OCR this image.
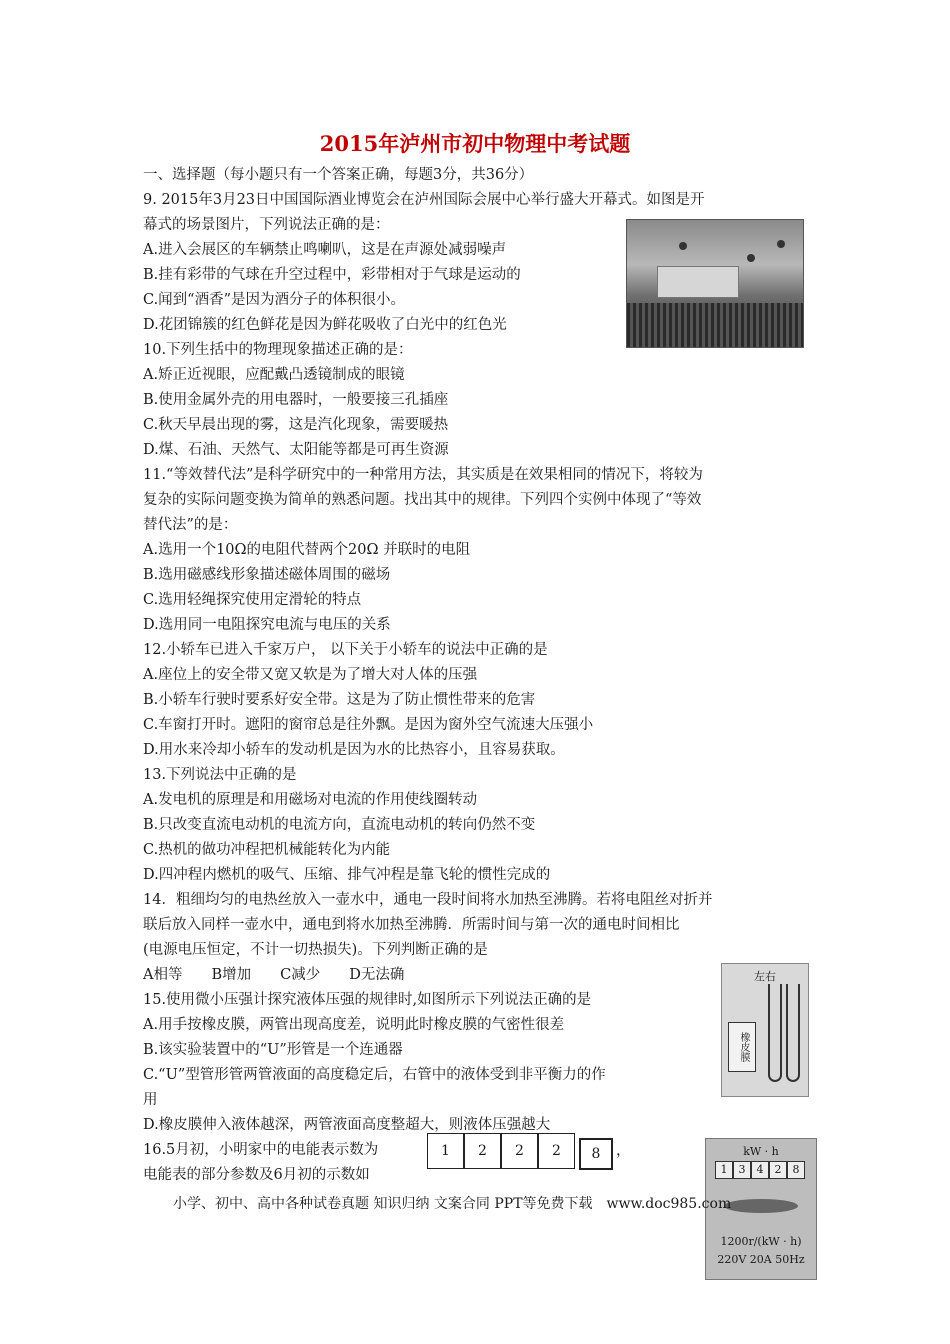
2015年泸州市初中物理中考试题
一、选择题（每小题只有一个答案正确，每题3分，共36分）
9. 2015年3月23日中国国际酒业博览会在泸州国际会展中心举行盛大开幕式。如图是开
幕式的场景图片，下列说法正确的是：
A.进入会展区的车辆禁止鸣喇叭，这是在声源处减弱噪声
B.挂有彩带的气球在升空过程中，彩带相对于气球是运动的
C.闻到“酒香”是因为酒分子的体积很小。
D.花团锦簇的红色鲜花是因为鲜花吸收了白光中的红色光
10.下列生括中的物理现象描述正确的是：
A.矫正近视眼，应配戴凸透镜制成的眼镜
B.使用金属外壳的用电器时，一般要接三孔插座
C.秋天早晨出现的雾，这是汽化现象，需要暖热
D.煤、石油、天然气、太阳能等都是可再生资源
11.“等效替代法”是科学研究中的一种常用方法，其实质是在效果相同的情况下，将较为
复杂的实际问题变换为简单的熟悉问题。找出其中的规律。下列四个实例中体现了“等效
替代法”的是：
A.选用一个10Ω的电阻代替两个20Ω 并联时的电阻
B.选用磁感线形象描述磁体周围的磁场
C.选用轻绳探究使用定滑轮的特点
D.选用同一电阻探究电流与电压的关系
12.小轿车已进入千家万户， 以下关于小轿车的说法中正确的是
A.座位上的安全带又宽又软是为了增大对人体的压强
B.小轿车行驶时要系好安全带。这是为了防止惯性带来的危害
C.车窗打开时。遮阳的窗帘总是往外飘。是因为窗外空气流速大压强小
D.用水来冷却小轿车的发动机是因为水的比热容小，且容易获取。
13.下列说法中正确的是
A.发电机的原理是和用磁场对电流的作用使线圈转动
B.只改变直流电动机的电流方向，直流电动机的转向仍然不变
C.热机的做功冲程把机械能转化为内能
D.四冲程内燃机的吸气、压缩、排气冲程是靠飞轮的惯性完成的
14．粗细均匀的电热丝放入一壶水中，通电一段时间将水加热至沸腾。若将电阻丝对折并
联后放入同样一壶水中，通电到将水加热至沸腾．所需时间与第一次的通电时间相比
(电源电压恒定，不计一切热损失)。下列判断正确的是
A相等　　B增加　　C减少　　D无法确
15.使用微小压强计探究液体压强的规律时,如图所示下列说法正确的是
A.用手按橡皮膜，两管出现高度差，说明此时橡皮膜的气密性很差
B.该实验装置中的“U”形管是一个连通器
C.“U”型管形管两管液面的高度稳定后，右管中的液体受到非平衡力的作
用
D.橡皮膜伸入液体越深，两管液面高度整超大，则液体压强越大
16.5月初，小明家中的电能表示数为
电能表的部分参数及6月初的示数如
左右
橡皮膜
1	2	2	2	8	，	kW · h
1	3	4	2	8
1200r/(kW · h)
220V 20A 50Hz
小学、初中、高中各种试卷真题 知识归纳 文案合同 PPT等免费下载　www.doc985.com
